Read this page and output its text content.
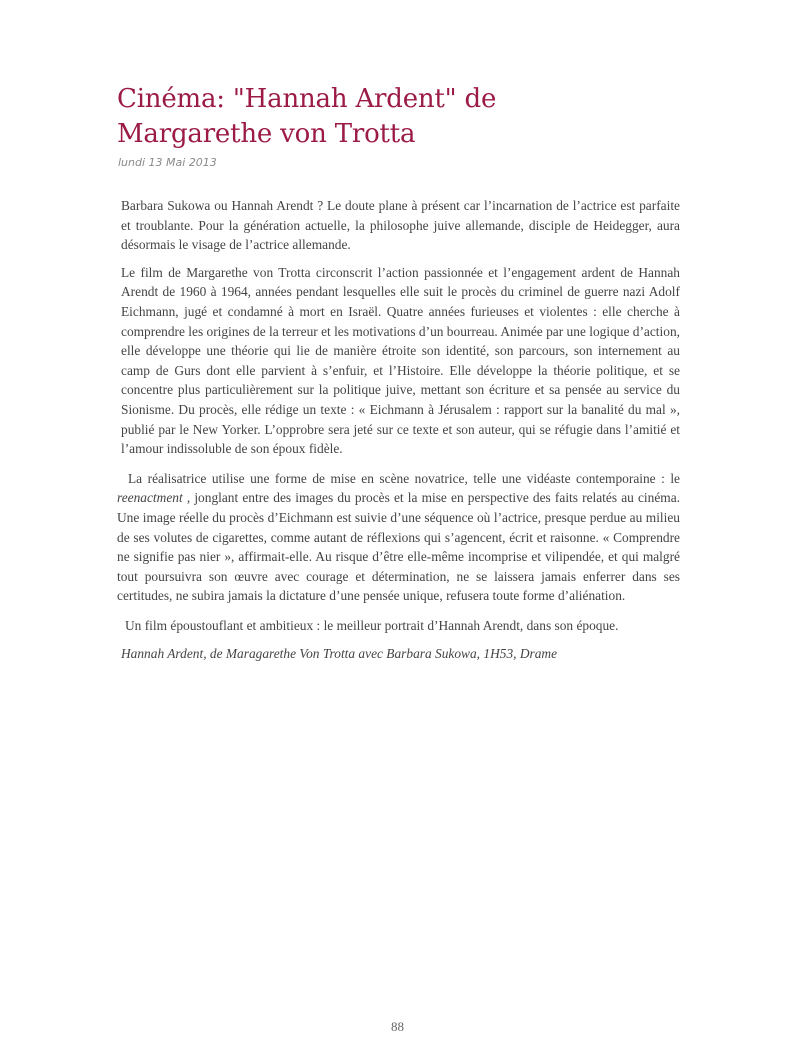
Cinéma: "Hannah Ardent" de
Margarethe von Trotta
lundi 13 Mai 2013

Barbara Sukowa ou Hannah Arendt ? Le doute plane à présent car l’incarnation de l’actrice est parfaite et troublante. Pour la génération actuelle, la philosophe juive allemande, disciple de Heidegger, aura désormais le visage de l’actrice allemande.

Le film de Margarethe von Trotta circonscrit l’action passionnée et l’engagement ardent de Hannah Arendt de 1960 à 1964, années pendant lesquelles elle suit le procès du criminel de guerre nazi Adolf Eichmann, jugé et condamné à mort en Israël. Quatre années furieuses et violentes : elle cherche à comprendre les origines de la terreur et les motivations d’un bourreau. Animée par une logique d’action, elle développe une théorie qui lie de manière étroite son identité, son parcours, son internement au camp de Gurs dont elle parvient à s’enfuir, et l’Histoire. Elle développe la théorie politique, et se concentre plus particulièrement sur la politique juive, mettant son écriture et sa pensée au service du Sionisme. Du procès, elle rédige un texte : « Eichmann à Jérusalem : rapport sur la banalité du mal », publié par le New Yorker. L’opprobre sera jeté sur ce texte et son auteur, qui se réfugie dans l’amitié et l’amour indissoluble de son époux fidèle.

La réalisatrice utilise une forme de mise en scène novatrice, telle une vidéaste contemporaine : le reenactment , jonglant entre des images du procès et la mise en perspective des faits relatés au cinéma. Une image réelle du procès d’Eichmann est suivie d’une séquence où l’actrice, presque perdue au milieu de ses volutes de cigarettes, comme autant de réflexions qui s’agencent, écrit et raisonne. « Comprendre ne signifie pas nier », affirmait-elle. Au risque d’être elle-même incomprise et vilipendée, et qui malgré tout poursuivra son œuvre avec courage et détermination, ne se laissera jamais enferrer dans ses certitudes, ne subira jamais la dictature d’une pensée unique, refusera toute forme d’aliénation.

Un film époustouflant et ambitieux : le meilleur portrait d’Hannah Arendt, dans son époque.

Hannah Ardent, de Maragarethe Von Trotta avec Barbara Sukowa, 1H53, Drame

88
